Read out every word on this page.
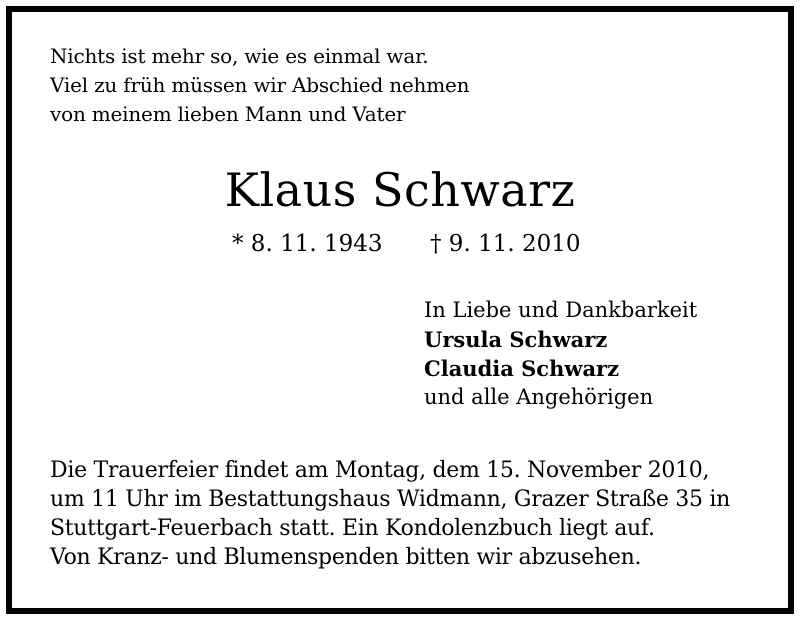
Nichts ist mehr so, wie es einmal war.
Viel zu früh müssen wir Abschied nehmen
von meinem lieben Mann und Vater
Klaus Schwarz
* 8. 11. 1943 † 9. 11. 2010
In Liebe und Dankbarkeit
Ursula Schwarz
Claudia Schwarz
und alle Angehörigen
Die Trauerfeier findet am Montag, dem 15. November 2010,
um 11 Uhr im Bestattungshaus Widmann, Grazer Straße 35 in
Stuttgart-Feuerbach statt. Ein Kondolenzbuch liegt auf.
Von Kranz- und Blumenspenden bitten wir abzusehen.
